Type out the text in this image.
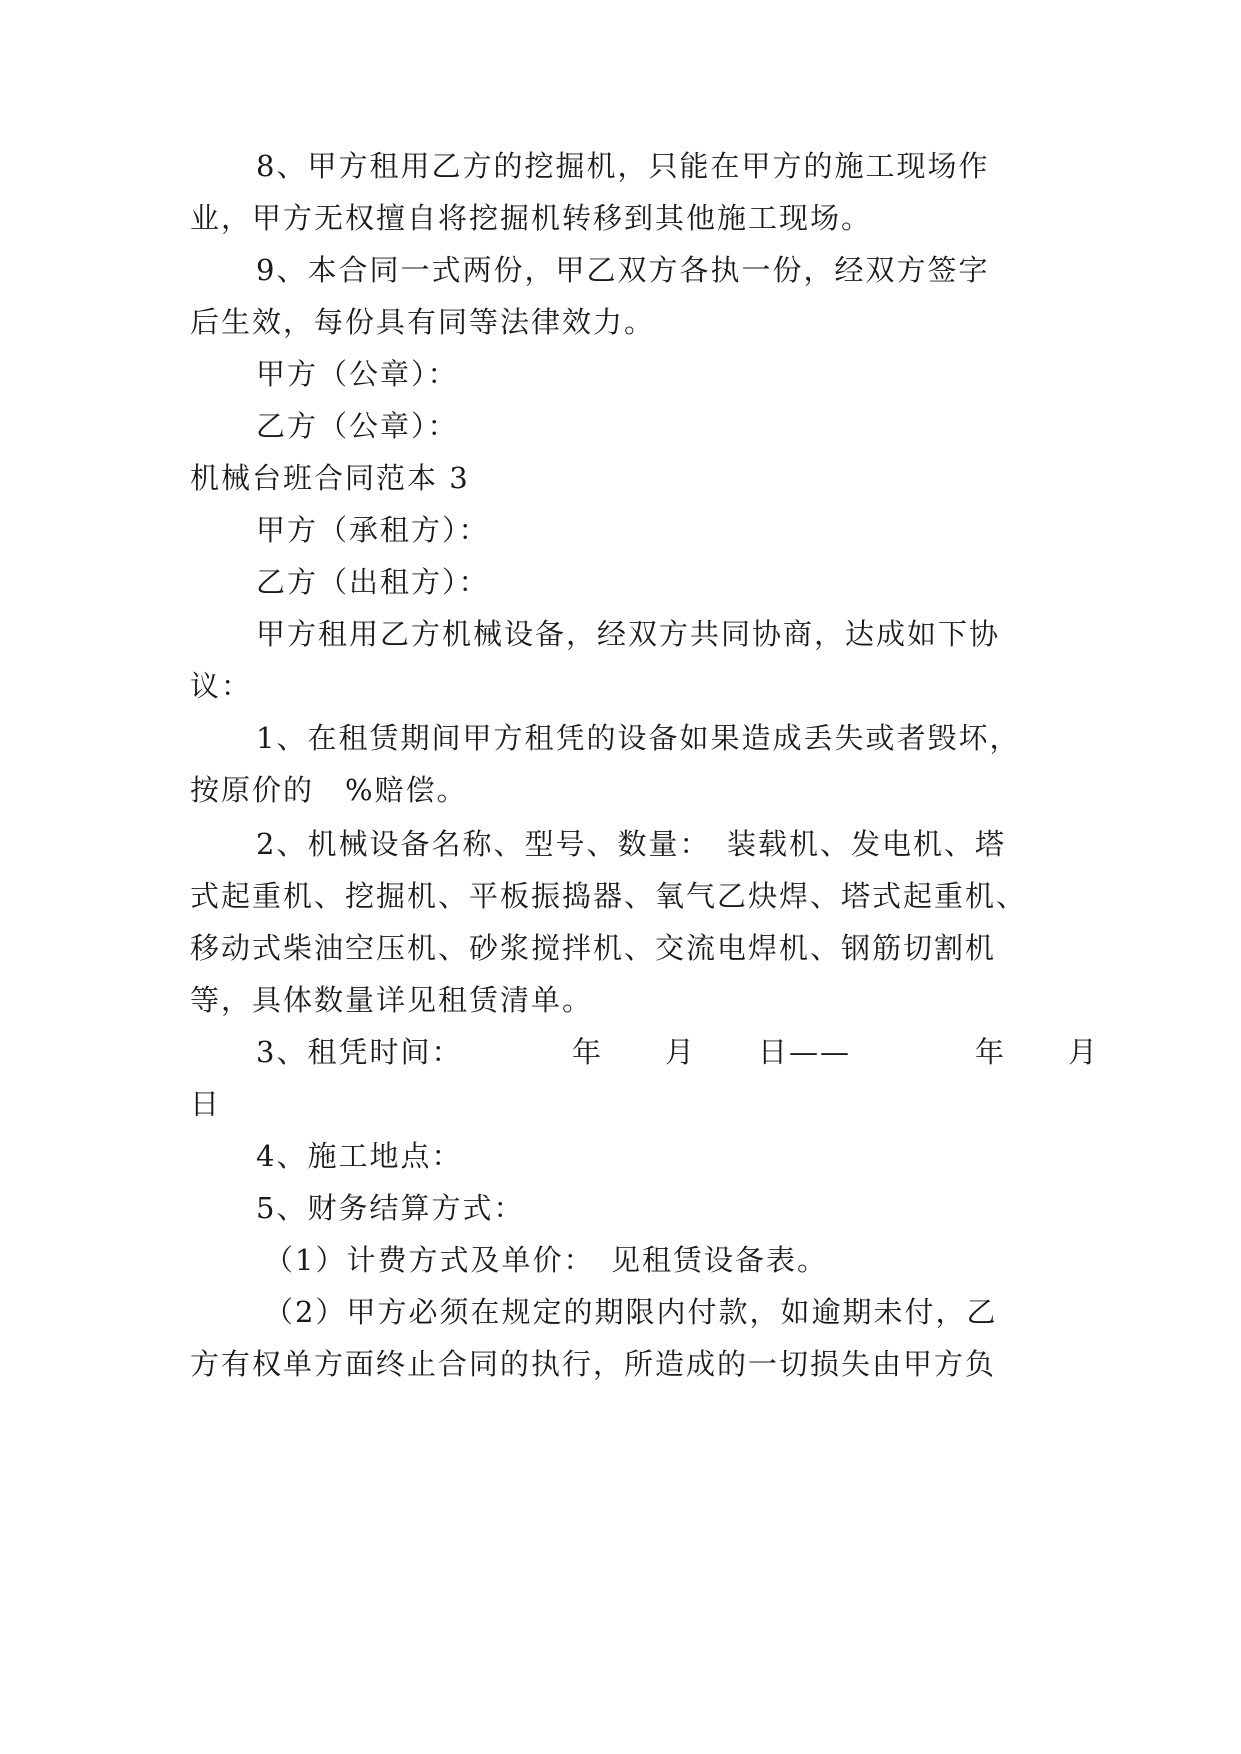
8、甲方租用乙方的挖掘机，只能在甲方的施工现场作
业，甲方无权擅自将挖掘机转移到其他施工现场。
9、本合同一式两份，甲乙双方各执一份，经双方签字
后生效，每份具有同等法律效力。
甲方（公章）：
乙方（公章）：
机械台班合同范本 3
甲方（承租方）：
乙方（出租方）：
甲方租用乙方机械设备，经双方共同协商，达成如下协
议：
1、在租赁期间甲方租凭的设备如果造成丢失或者毁坏，
按原价的　%赔偿。
2、机械设备名称、型号、数量：　装载机、发电机、塔
式起重机、挖掘机、平板振捣器、氧气乙炔焊、塔式起重机、
移动式柴油空压机、砂浆搅拌机、交流电焊机、钢筋切割机
等，具体数量详见租赁清单。
3、租凭时间：　　　　年　　月　　日——　　　　年　　月
日
4、施工地点：
5、财务结算方式：
（1）计费方式及单价：　见租赁设备表。
（2）甲方必须在规定的期限内付款，如逾期未付，乙
方有权单方面终止合同的执行，所造成的一切损失由甲方负
